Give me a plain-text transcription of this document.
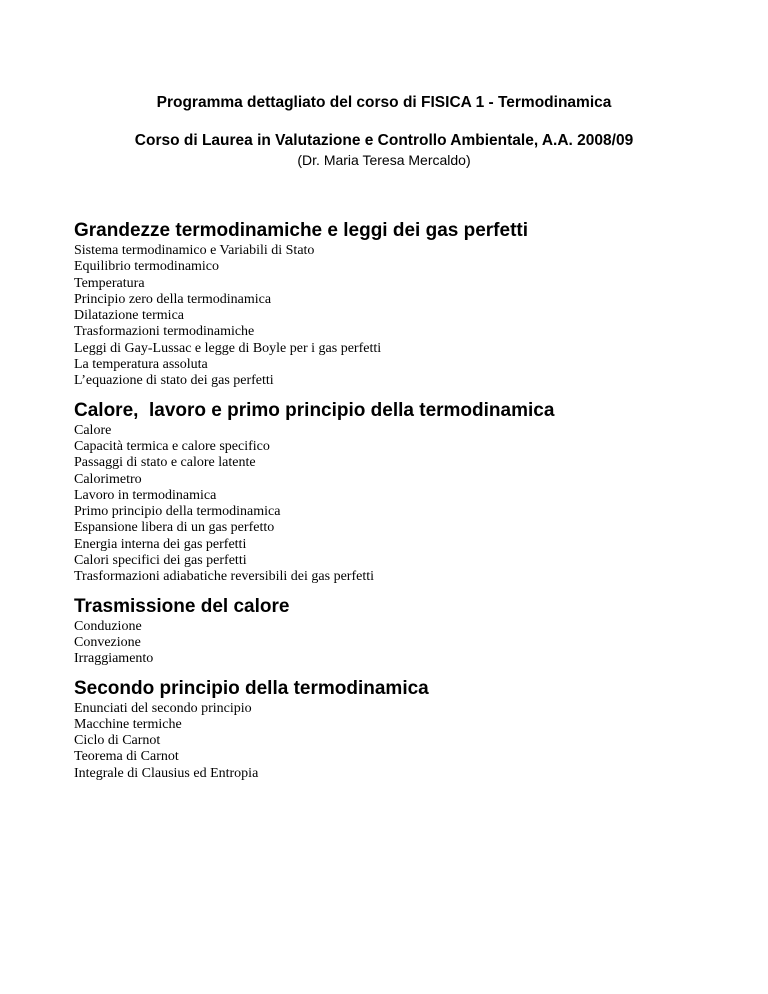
Programma dettagliato del corso di FISICA 1 - Termodinamica
Corso di Laurea in Valutazione e Controllo Ambientale, A.A. 2008/09
(Dr. Maria Teresa Mercaldo)
Grandezze termodinamiche e leggi dei gas perfetti
Sistema termodinamico e Variabili di Stato
Equilibrio termodinamico
Temperatura
Principio zero della termodinamica
Dilatazione termica
Trasformazioni termodinamiche
Leggi di Gay-Lussac e legge di Boyle per i gas perfetti
La temperatura assoluta
L’equazione di stato dei gas perfetti
Calore,  lavoro e primo principio della termodinamica
Calore
Capacità termica e calore specifico
Passaggi di stato e calore latente
Calorimetro
Lavoro in termodinamica
Primo principio della termodinamica
Espansione libera di un gas perfetto
Energia interna dei gas perfetti
Calori specifici dei gas perfetti
Trasformazioni adiabatiche reversibili dei gas perfetti
Trasmissione del calore
Conduzione
Convezione
Irraggiamento
Secondo principio della termodinamica
Enunciati del secondo principio
Macchine termiche
Ciclo di Carnot
Teorema di Carnot
Integrale di Clausius ed Entropia
